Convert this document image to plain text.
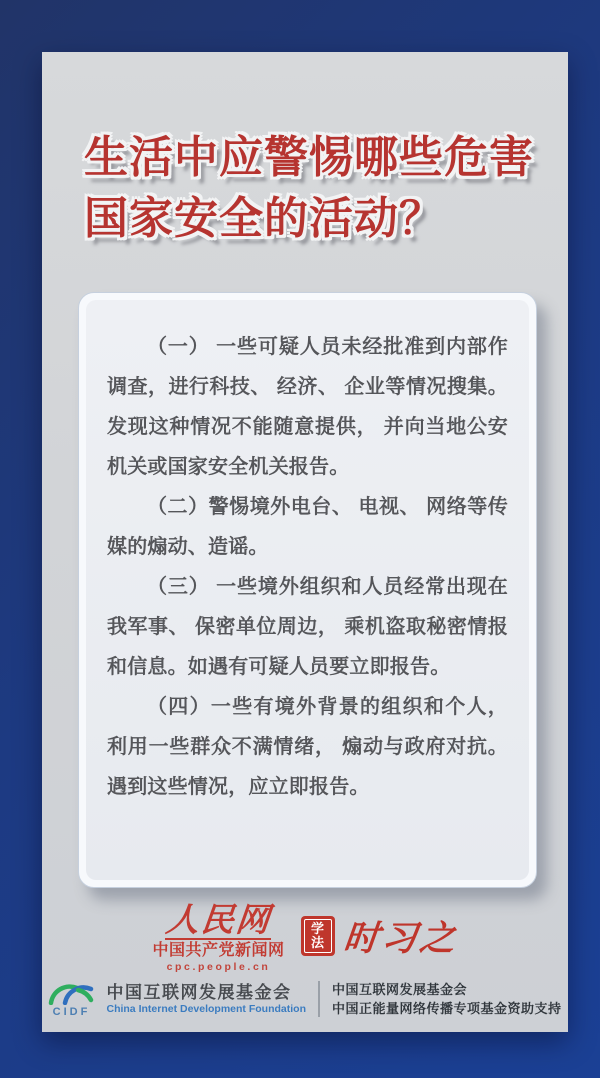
生活中应警惕哪些危害
国家安全的活动？

（一） 一些可疑人员未经批准到内部作调查，进行科技、 经济、 企业等情况搜集。发现这种情况不能随意提供， 并向当地公安机关或国家安全机关报告。

（二）警惕境外电台、 电视、 网络等传媒的煽动、造谣。

（三） 一些境外组织和人员经常出现在我军事、 保密单位周边， 乘机盗取秘密情报和信息。如遇有可疑人员要立即报告。

（四）一些有境外背景的组织和个人， 利用一些群众不满情绪， 煽动与政府对抗。遇到这些情况，应立即报告。

人民网
中国共产党新闻网
cpc.people.cn
学
法 时习之
CIDF
中国互联网发展基金会
China Internet Development Foundation
中国互联网发展基金会
中国正能量网络传播专项基金资助支持
